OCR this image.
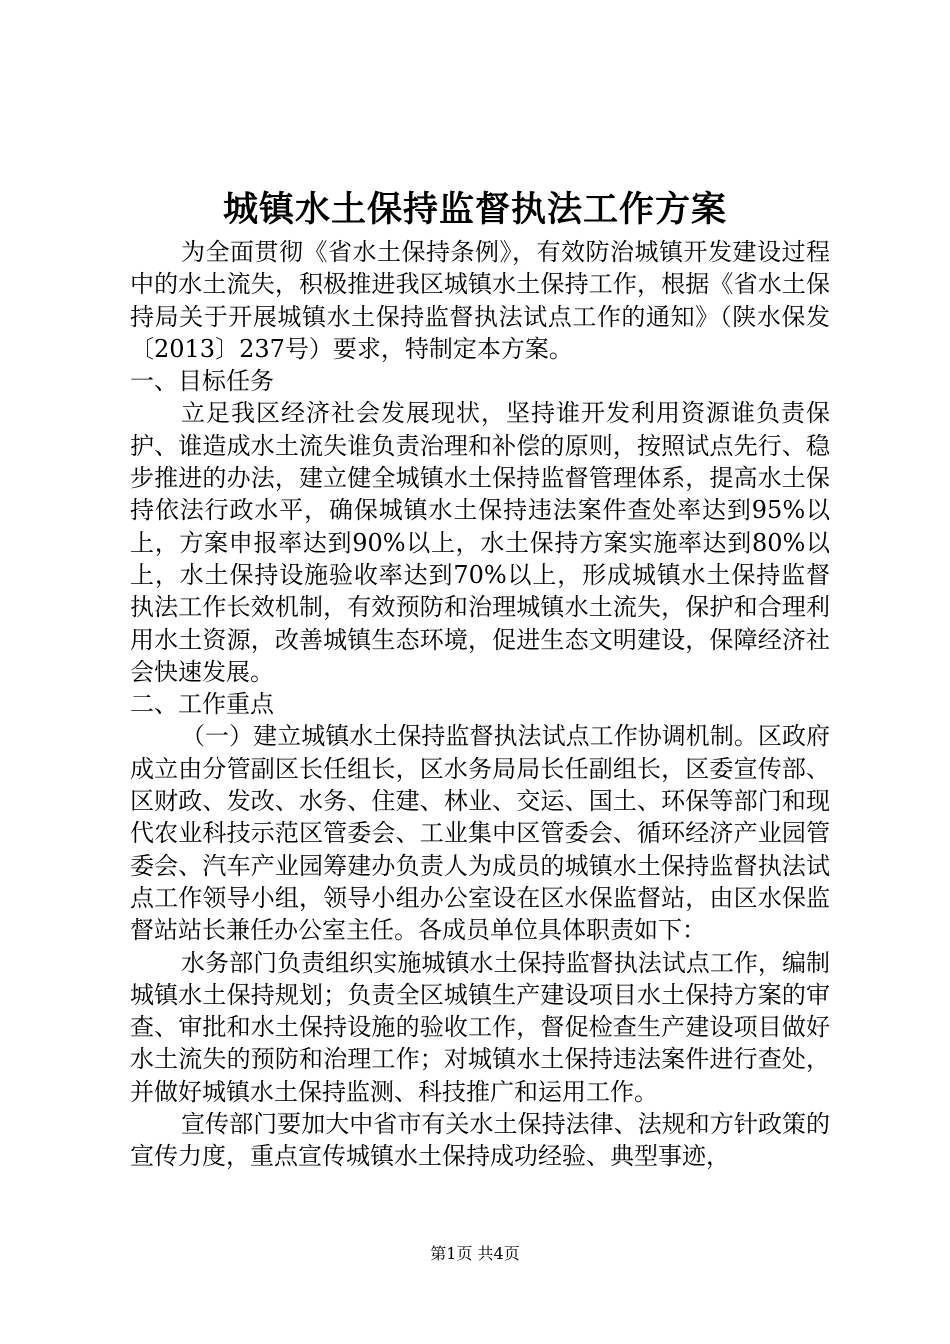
城镇水土保持监督执法工作方案

为全面贯彻《省水土保持条例》，有效防治城镇开发建设过程中的水土流失，积极推进我区城镇水土保持工作，根据《省水土保持局关于开展城镇水土保持监督执法试点工作的通知》（陕水保发〔2013〕237号）要求，特制定本方案。

一、目标任务

立足我区经济社会发展现状，坚持谁开发利用资源谁负责保护、谁造成水土流失谁负责治理和补偿的原则，按照试点先行、稳步推进的办法，建立健全城镇水土保持监督管理体系，提高水土保持依法行政水平，确保城镇水土保持违法案件查处率达到95%以上，方案申报率达到90%以上，水土保持方案实施率达到80%以上，水土保持设施验收率达到70%以上，形成城镇水土保持监督执法工作长效机制，有效预防和治理城镇水土流失，保护和合理利用水土资源，改善城镇生态环境，促进生态文明建设，保障经济社会快速发展。

二、工作重点

（一）建立城镇水土保持监督执法试点工作协调机制。区政府成立由分管副区长任组长，区水务局局长任副组长，区委宣传部、区财政、发改、水务、住建、林业、交运、国土、环保等部门和现代农业科技示范区管委会、工业集中区管委会、循环经济产业园管委会、汽车产业园筹建办负责人为成员的城镇水土保持监督执法试点工作领导小组，领导小组办公室设在区水保监督站，由区水保监督站站长兼任办公室主任。各成员单位具体职责如下：

水务部门负责组织实施城镇水土保持监督执法试点工作，编制城镇水土保持规划；负责全区城镇生产建设项目水土保持方案的审查、审批和水土保持设施的验收工作，督促检查生产建设项目做好水土流失的预防和治理工作；对城镇水土保持违法案件进行查处，并做好城镇水土保持监测、科技推广和运用工作。

宣传部门要加大中省市有关水土保持法律、法规和方针政策的宣传力度，重点宣传城镇水土保持成功经验、典型事迹，

第1页 共4页
